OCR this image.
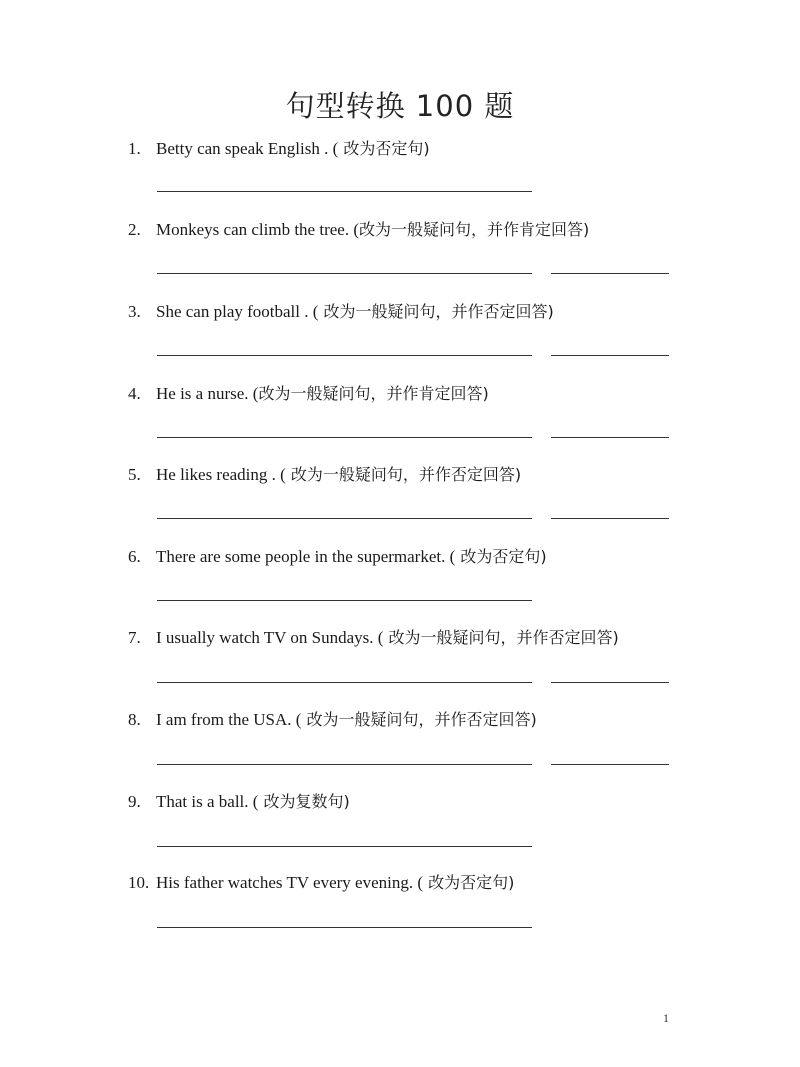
句型转换 100 题
1. Betty can speak English . ( 改为否定句)
2. Monkeys can climb the tree. (改为一般疑问句，并作肯定回答)
3. She can play football . ( 改为一般疑问句，并作否定回答)
4. He is a nurse. (改为一般疑问句，并作肯定回答)
5. He likes reading . ( 改为一般疑问句，并作否定回答)
6. There are some people in the supermarket. ( 改为否定句)
7. I usually watch TV on Sundays. ( 改为一般疑问句，并作否定回答)
8. I am from the USA. ( 改为一般疑问句，并作否定回答)
9. That is a ball. ( 改为复数句)
10. His father watches TV every evening. ( 改为否定句)
1
